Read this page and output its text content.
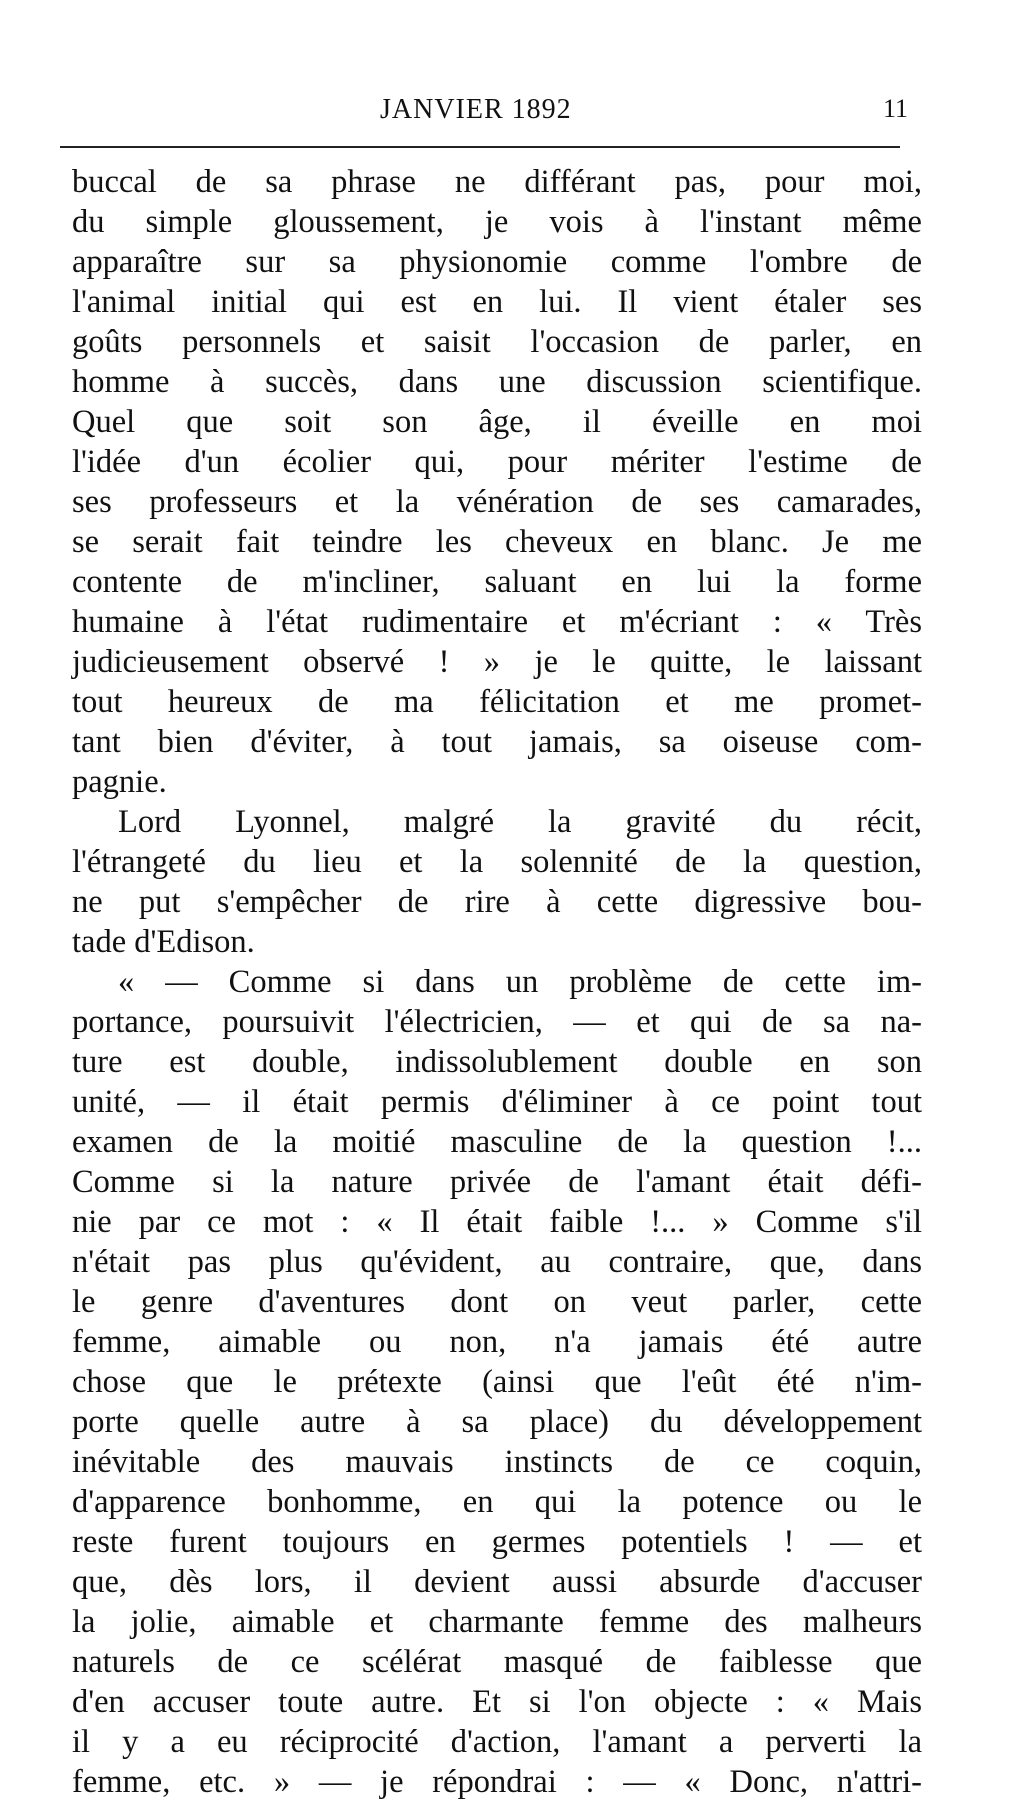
JANVIER 1892	11
buccal de sa phrase ne différant pas, pour moi,
du simple gloussement, je vois à l'instant même
apparaître sur sa physionomie comme l'ombre de
l'animal initial qui est en lui. Il vient étaler ses
goûts personnels et saisit l'occasion de parler, en
homme à succès, dans une discussion scientifique.
Quel que soit son âge, il éveille en moi
l'idée d'un écolier qui, pour mériter l'estime de
ses professeurs et la vénération de ses camarades,
se serait fait teindre les cheveux en blanc. Je me
contente de m'incliner, saluant en lui la forme
humaine à l'état rudimentaire et m'écriant : « Très
judicieusement observé ! » je le quitte, le laissant
tout heureux de ma félicitation et me promet-
tant bien d'éviter, à tout jamais, sa oiseuse com-
pagnie.
Lord Lyonnel, malgré la gravité du récit,
l'étrangeté du lieu et la solennité de la question,
ne put s'empêcher de rire à cette digressive bou-
tade d'Edison.
« — Comme si dans un problème de cette im-
portance, poursuivit l'électricien, — et qui de sa na-
ture est double, indissolublement double en son
unité, — il était permis d'éliminer à ce point tout
examen de la moitié masculine de la question !...
Comme si la nature privée de l'amant était défi-
nie par ce mot : « Il était faible !... » Comme s'il
n'était pas plus qu'évident, au contraire, que, dans
le genre d'aventures dont on veut parler, cette
femme, aimable ou non, n'a jamais été autre
chose que le prétexte (ainsi que l'eût été n'im-
porte quelle autre à sa place) du développement
inévitable des mauvais instincts de ce coquin,
d'apparence bonhomme, en qui la potence ou le
reste furent toujours en germes potentiels ! — et
que, dès lors, il devient aussi absurde d'accuser
la jolie, aimable et charmante femme des malheurs
naturels de ce scélérat masqué de faiblesse que
d'en accuser toute autre. Et si l'on objecte : « Mais
il y a eu réciprocité d'action, l'amant a perverti la
femme, etc. » — je répondrai : — « Donc, n'attri-
